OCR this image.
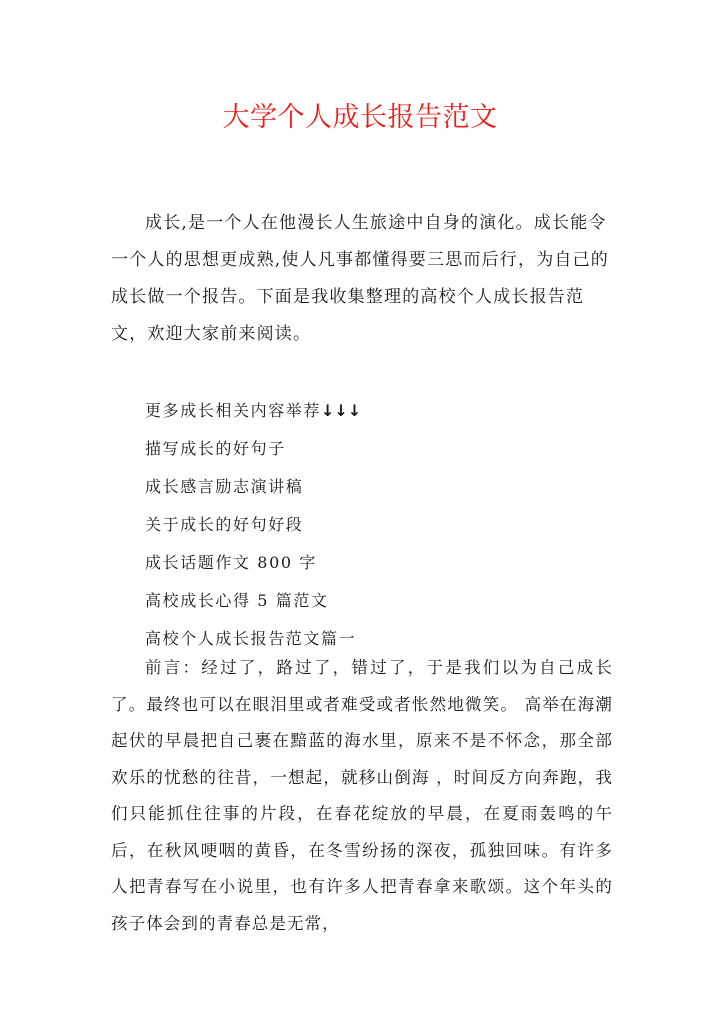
大学个人成长报告范文

成长,是一个人在他漫长人生旅途中自身的演化。成长能令一个人的思想更成熟,使人凡事都懂得要三思而后行，为自己的成长做一个报告。下面是我收集整理的高校个人成长报告范文，欢迎大家前来阅读。

更多成长相关内容举荐↓↓↓
描写成长的好句子
成长感言励志演讲稿
关于成长的好句好段
成长话题作文 800 字
高校成长心得 5 篇范文
高校个人成长报告范文篇一

前言：经过了，路过了，错过了，于是我们以为自己成长了。最终也可以在眼泪里或者难受或者怅然地微笑。 高举在海潮起伏的早晨把自己裹在黯蓝的海水里，原来不是不怀念，那全部欢乐的忧愁的往昔，一想起，就移山倒海 ，时间反方向奔跑，我们只能抓住往事的片段，在春花绽放的早晨，在夏雨轰鸣的午后，在秋风哽咽的黄昏，在冬雪纷扬的深夜，孤独回味。有许多人把青春写在小说里，也有许多人把青春拿来歌颂。这个年头的孩子体会到的青春总是无常，
